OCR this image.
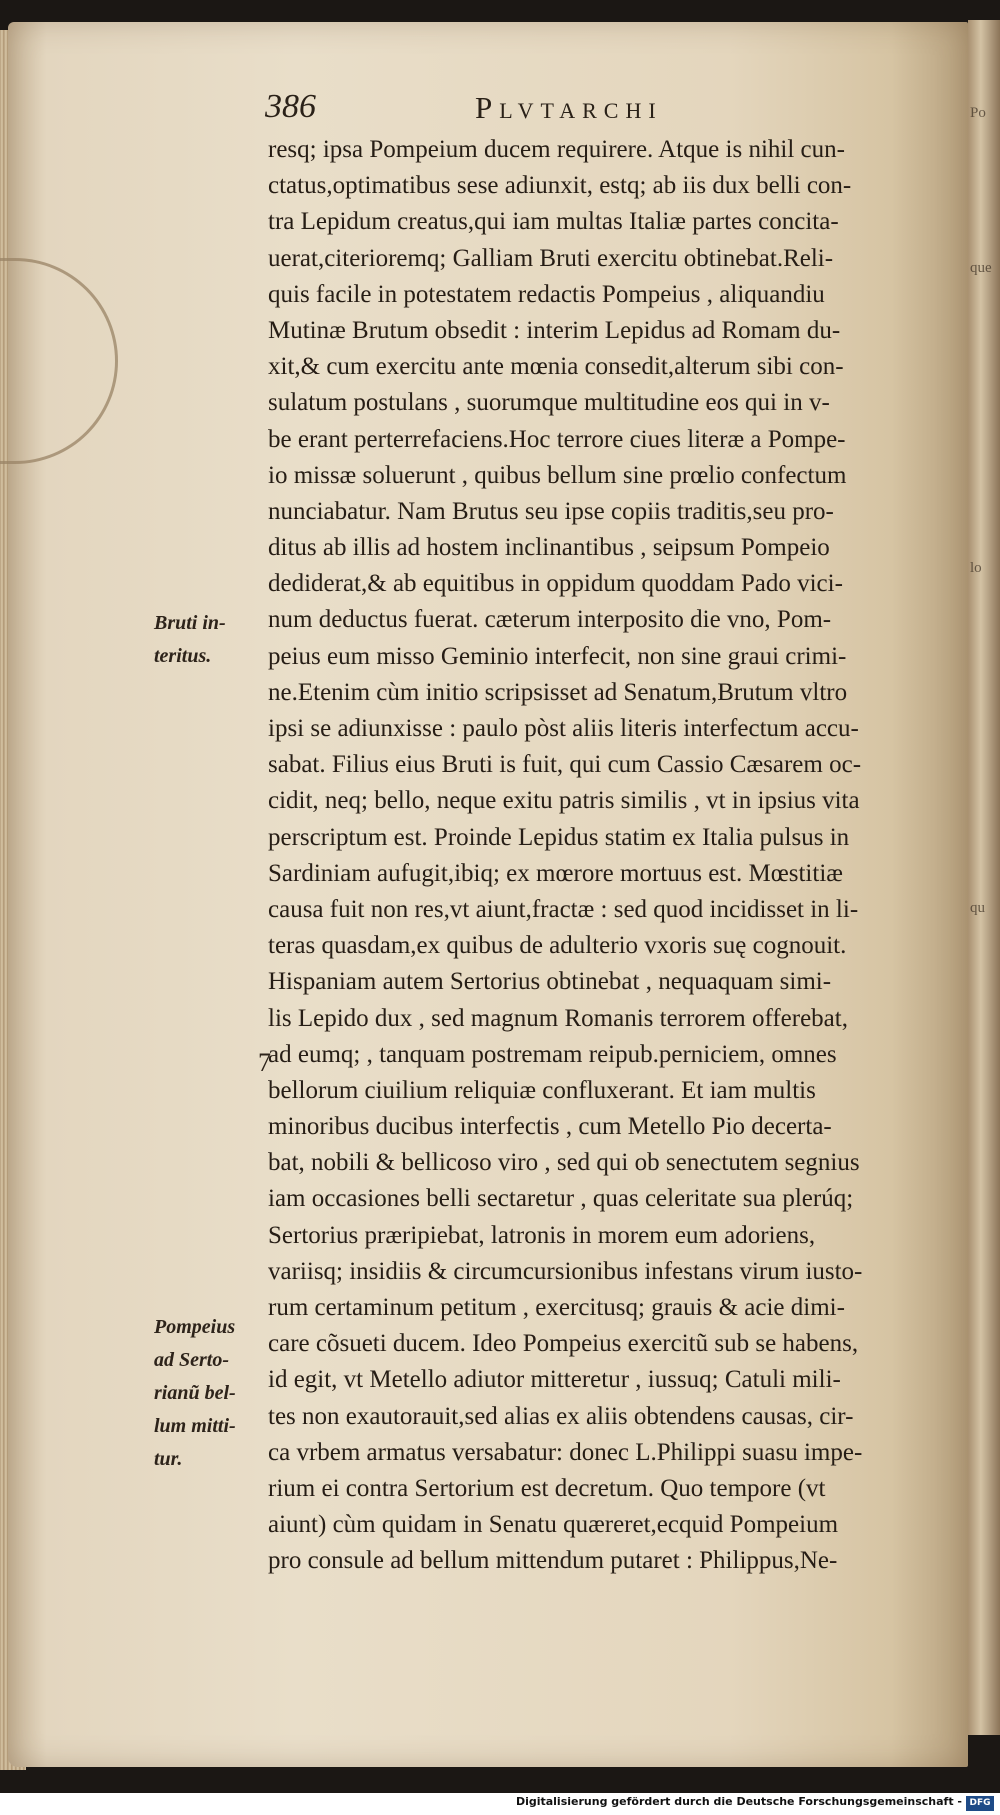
Po
que
lo
qu
386	Plvtarchi
resq; ipsa Pompeium ducem requirere. Atque is nihil cun-
ctatus,optimatibus sese adiunxit, estq; ab iis dux belli con-
tra Lepidum creatus,qui iam multas Italiæ partes concita-
uerat,citerioremq; Galliam Bruti exercitu obtinebat.Reli-
quis facile in potestatem redactis Pompeius , aliquandiu
Mutinæ Brutum obsedit : interim Lepidus ad Romam du-
xit,& cum exercitu ante mœnia consedit,alterum sibi con-
sulatum postulans , suorumque multitudine eos qui in v-
be erant perterrefaciens.Hoc terrore ciues literæ a Pompe-
io missæ soluerunt , quibus bellum sine prœlio confectum
nunciabatur. Nam Brutus seu ipse copiis traditis,seu pro-
ditus ab illis ad hostem inclinantibus , seipsum Pompeio
dediderat,& ab equitibus in oppidum quoddam Pado vici-
num deductus fuerat. cæterum interposito die vno, Pom-
peius eum misso Geminio interfecit, non sine graui crimi-
ne.Etenim cùm initio scripsisset ad Senatum,Brutum vltro
ipsi se adiunxisse : paulo pòst aliis literis interfectum accu-
sabat. Filius eius Bruti is fuit, qui cum Cassio Cæsarem oc-
cidit, neq; bello, neque exitu patris similis , vt in ipsius vita
perscriptum est. Proinde Lepidus statim ex Italia pulsus in
Sardiniam aufugit,ibiq; ex mœrore mortuus est. Mœstitiæ
causa fuit non res,vt aiunt,fractæ : sed quod incidisset in li-
teras quasdam,ex quibus de adulterio vxoris suę cognouit.
Hispaniam autem Sertorius obtinebat , nequaquam simi-
lis Lepido dux , sed magnum Romanis terrorem offerebat,
ad eumq; , tanquam postremam reipub.perniciem, omnes
bellorum ciuilium reliquiæ confluxerant. Et iam multis
minoribus ducibus interfectis , cum Metello Pio decerta-
bat, nobili & bellicoso viro , sed qui ob senectutem segnius
iam occasiones belli sectaretur , quas celeritate sua plerúq;
Sertorius præripiebat, latronis in morem eum adoriens,
variisq; insidiis & circumcursionibus infestans virum iusto-
rum certaminum petitum , exercitusq; grauis & acie dimi-
care cõsueti ducem. Ideo Pompeius exercitũ sub se habens,
id egit, vt Metello adiutor mitteretur , iussuq; Catuli mili-
tes non exautorauit,sed alias ex aliis obtendens causas, cir-
ca vrbem armatus versabatur: donec L.Philippi suasu impe-
rium ei contra Sertorium est decretum. Quo tempore (vt
aiunt) cùm quidam in Senatu quæreret,ecquid Pompeium
pro consule ad bellum mittendum putaret : Philippus,Ne-
7
Bruti in-
teritus.
Pompeius
ad Serto-
rianũ bel-
lum mitti-
tur.
Digitalisierung gefördert durch die Deutsche Forschungsgemeinschaft - DFG
